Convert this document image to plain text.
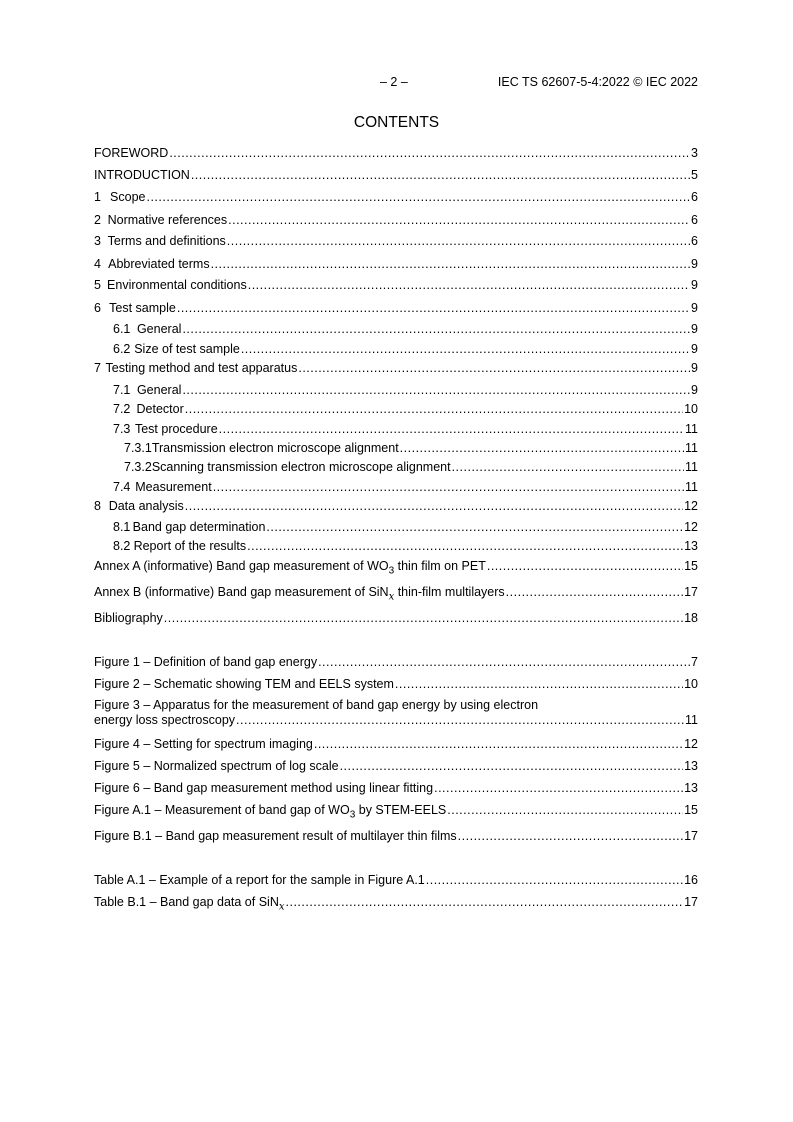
– 2 –	IEC TS 62607-5-4:2022 © IEC 2022
CONTENTS
FOREWORD .....	3
INTRODUCTION .....	5
1 Scope .....	6
2 Normative references .....	6
3 Terms and definitions .....	6
4 Abbreviated terms .....	9
5 Environmental conditions .....	9
6 Test sample .....	9
6.1 General .....	9
6.2 Size of test sample .....	9
7 Testing method and test apparatus .....	9
7.1 General .....	9
7.2 Detector .....	10
7.3 Test procedure .....	11
7.3.1 Transmission electron microscope alignment .....	11
7.3.2 Scanning transmission electron microscope alignment .....	11
7.4 Measurement .....	11
8 Data analysis .....	12
8.1 Band gap determination .....	12
8.2 Report of the results .....	13
Annex A (informative) Band gap measurement of $WO_3$ thin film on PET .....	15
Annex B (informative) Band gap measurement of SiN$_x$ thin-film multilayers .....	17
Bibliography .....	18
Figure 1 – Definition of band gap energy .....	7
Figure 2 – Schematic showing TEM and EELS system .....	10
Figure 3 – Apparatus for the measurement of band gap energy by using electron
energy loss spectroscopy .....	11
Figure 4 – Setting for spectrum imaging .....	12
Figure 5 – Normalized spectrum of log scale .....	13
Figure 6 – Band gap measurement method using linear fitting .....	13
Figure A.1 – Measurement of band gap of $WO_3$ by STEM-EELS .....	15
Figure B.1 – Band gap measurement result of multilayer thin films .....	17
Table A.1 – Example of a report for the sample in Figure A.1 .....	16
Table B.1 – Band gap data of SiN$_x$ .....	17
